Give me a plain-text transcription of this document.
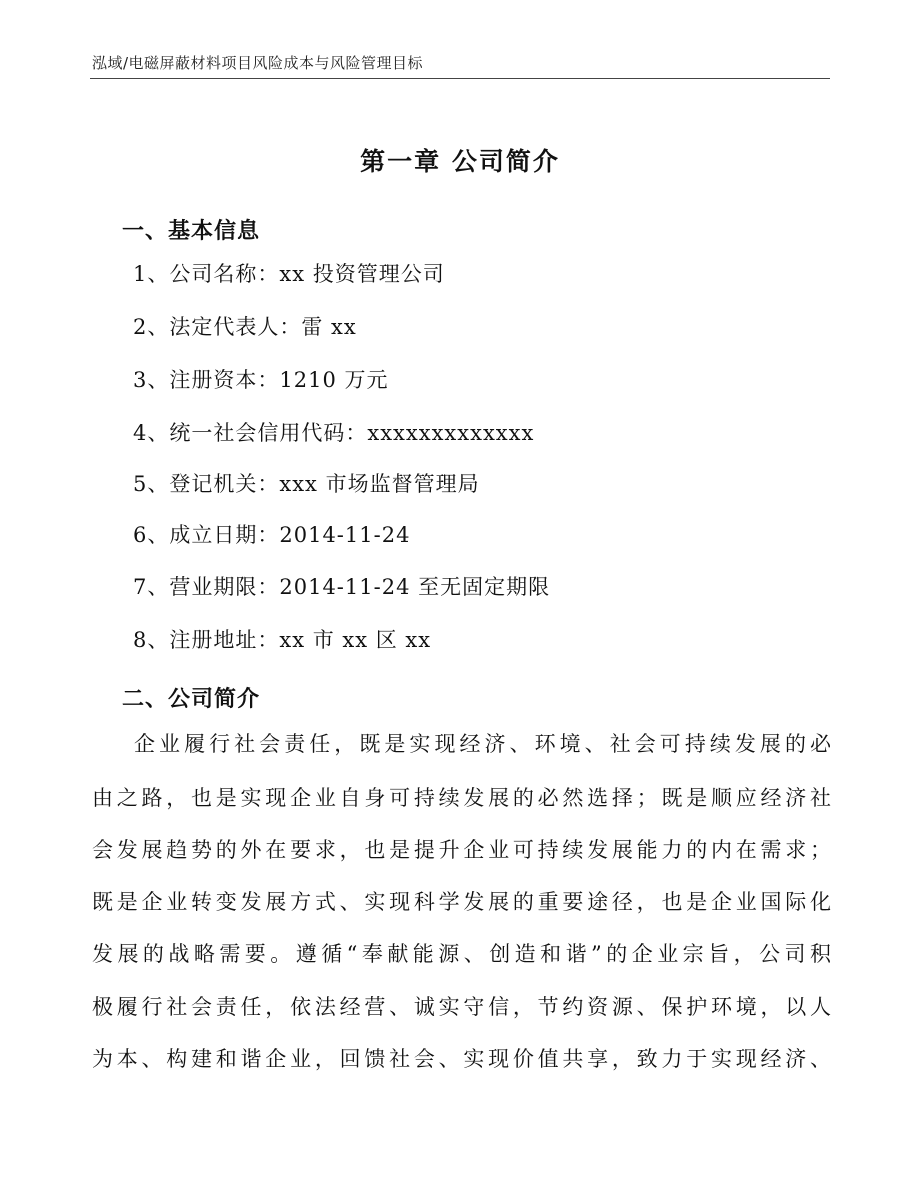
泓域/电磁屏蔽材料项目风险成本与风险管理目标
第一章 公司简介
一、基本信息
1、公司名称：xx 投资管理公司
2、法定代表人：雷 xx
3、注册资本：1210 万元
4、统一社会信用代码：xxxxxxxxxxxxx
5、登记机关：xxx 市场监督管理局
6、成立日期：2014-11-24
7、营业期限：2014-11-24 至无固定期限
8、注册地址：xx 市 xx 区 xx
二、公司简介
企业履行社会责任，既是实现经济、环境、社会可持续发展的必
由之路，也是实现企业自身可持续发展的必然选择；既是顺应经济社
会发展趋势的外在要求，也是提升企业可持续发展能力的内在需求；
既是企业转变发展方式、实现科学发展的重要途径，也是企业国际化
发展的战略需要。遵循“奉献能源、创造和谐”的企业宗旨，公司积
极履行社会责任，依法经营、诚实守信，节约资源、保护环境，以人
为本、构建和谐企业，回馈社会、实现价值共享，致力于实现经济、
